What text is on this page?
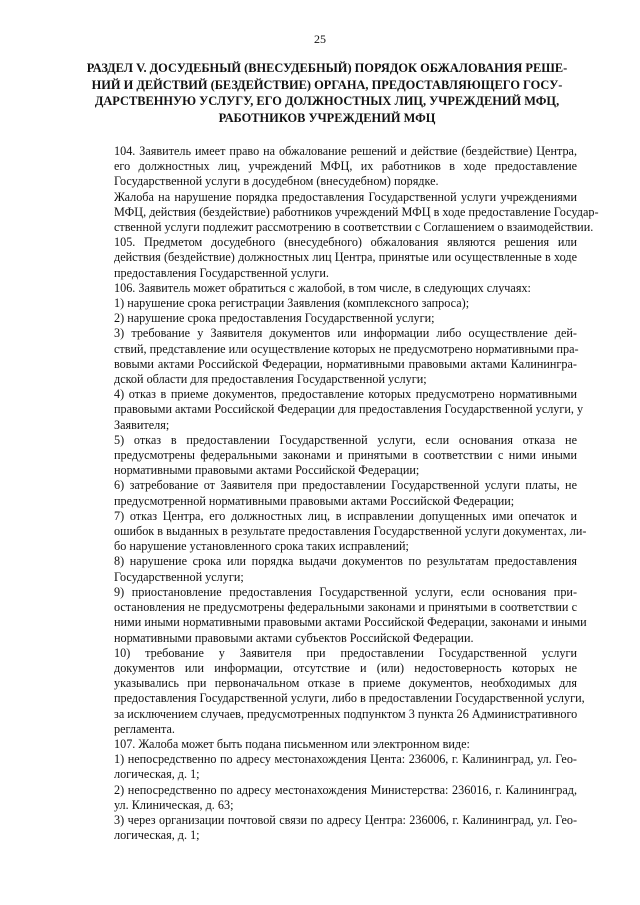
25
РАЗДЕЛ V. ДОСУДЕБНЫЙ (ВНЕСУДЕБНЫЙ) ПОРЯДОК ОБЖАЛОВАНИЯ РЕШЕ-
НИЙ И ДЕЙСТВИЙ (БЕЗДЕЙСТВИЕ) ОРГАНА, ПРЕДОСТАВЛЯЮЩЕГО ГОСУ-
ДАРСТВЕННУЮ УСЛУГУ, ЕГО ДОЛЖНОСТНЫХ ЛИЦ, УЧРЕЖДЕНИЙ МФЦ,
РАБОТНИКОВ УЧРЕЖДЕНИЙ МФЦ
104. Заявитель имеет право на обжалование решений и действие (бездействие) Центра,
его должностных лиц, учреждений МФЦ, их работников в ходе предоставление
Государственной услуги в досудебном (внесудебном) порядке.
Жалоба на нарушение порядка предоставления Государственной услуги учреждениями
МФЦ, действия (бездействие) работников учреждений МФЦ в ходе предоставление Государ-
ственной услуги подлежит рассмотрению в соответствии с Соглашением о взаимодействии.
105. Предметом досудебного (внесудебного) обжалования являются решения или
действия (бездействие) должностных лиц Центра, принятые или осуществленные в ходе
предоставления Государственной услуги.
106. Заявитель может обратиться с жалобой, в том числе, в следующих случаях:
1) нарушение срока регистрации Заявления (комплексного запроса);
2) нарушение срока предоставления Государственной услуги;
3) требование у Заявителя документов или информации либо осуществление дей-
ствий, представление или осуществление которых не предусмотрено нормативными пра-
вовыми актами Российской Федерации, нормативными правовыми актами Калинингра-
дской области для предоставления Государственной услуги;
4) отказ в приеме документов, предоставление которых предусмотрено нормативными
правовыми актами Российской Федерации для предоставления Государственной услуги, у
Заявителя;
5) отказ в предоставлении Государственной услуги, если основания отказа не
предусмотрены федеральными законами и принятыми в соответствии с ними иными
нормативными правовыми актами Российской Федерации;
6) затребование от Заявителя при предоставлении Государственной услуги платы, не
предусмотренной нормативными правовыми актами Российской Федерации;
7) отказ Центра, его должностных лиц, в исправлении допущенных ими опечаток и
ошибок в выданных в результате предоставления Государственной услуги документах, ли-
бо нарушение установленного срока таких исправлений;
8) нарушение срока или порядка выдачи документов по результатам предоставления
Государственной услуги;
9) приостановление предоставления Государственной услуги, если основания при-
остановления не предусмотрены федеральными законами и принятыми в соответствии с
ними иными нормативными правовыми актами Российской Федерации, законами и иными
нормативными правовыми актами субъектов Российской Федерации.
10) требование у Заявителя при предоставлении Государственной услуги
документов или информации, отсутствие и (или) недостоверность которых не
указывались при первоначальном отказе в приеме документов, необходимых для
предоставления Государственной услуги, либо в предоставлении Государственной услуги,
за исключением случаев, предусмотренных подпунктом 3 пункта 26 Административного
регламента.
107. Жалоба может быть подана письменном или электронном виде:
1) непосредственно по адресу местонахождения Цента: 236006, г. Калининград, ул. Гео-
логическая, д. 1;
2) непосредственно по адресу местонахождения Министерства: 236016, г. Калининград,
ул. Клиническая, д. 63;
3) через организации почтовой связи по адресу Центра: 236006, г. Калининград, ул. Гео-
логическая, д. 1;
